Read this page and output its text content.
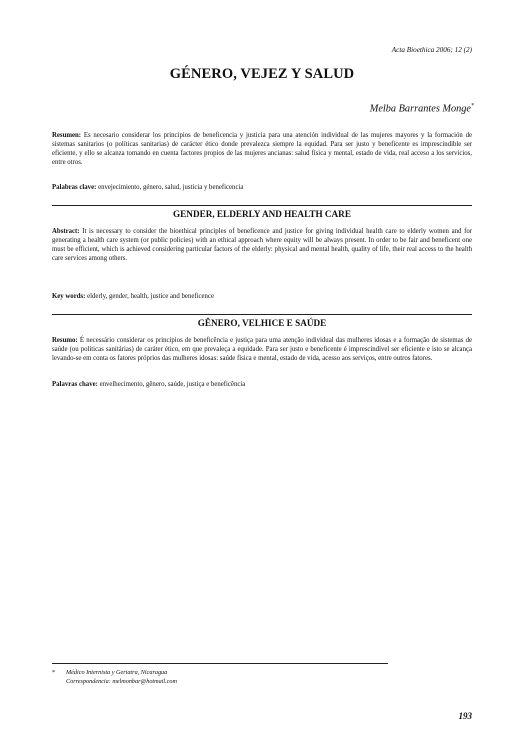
Acta Bioethica 2006; 12 (2)
GÉNERO, VEJEZ Y SALUD
Melba Barrantes Monge*
Resumen: Es necesario considerar los principios de beneficencia y justicia para una atención individual de las mujeres mayores y la formación de sistemas sanitarios (o políticas sanitarias) de carácter ético donde prevalezca siempre la equidad. Para ser justo y beneficente es imprescindible ser eficiente, y ello se alcanza tomando en cuenta factores propios de las mujeres ancianas: salud física y mental, estado de vida, real acceso a los servicios, entre otros.
Palabras clave: envejecimiento, género, salud, justicia y beneficencia
GENDER, ELDERLY AND HEALTH CARE
Abstract: It is necessary to consider the bioethical principles of beneficence and justice for giving individual health care to elderly women and for generating a health care system (or public policies) with an ethical approach where equity will be always present. In order to be fair and beneficent one must be efficient, which is achieved considering particular factors of the elderly: physical and mental health, quality of life, their real access to the health care services among others.
Key words: elderly, gender, health, justice and beneficence
GÊNERO, VELHICE E SAÚDE
Resumo: É necessário considerar os princípios de beneficência e justiça para uma atenção individual das mulheres idosas e a formação de sistemas de saúde (ou políticas sanitárias) de caráter ético, em que prevaleça a equidade. Para ser justo e beneficente é imprescindível ser eficiente e isto se alcança levando-se em conta os fatores próprios das mulheres idosas: saúde física e mental, estado de vida, acesso aos serviços, entre outros fatores.
Palavras chave: envelhecimento, gênero, saúde, justiça e beneficência
* Médico Internista y Geriatra, Nicaragua
Correspondencia: melmonbar@hotmail.com
193
